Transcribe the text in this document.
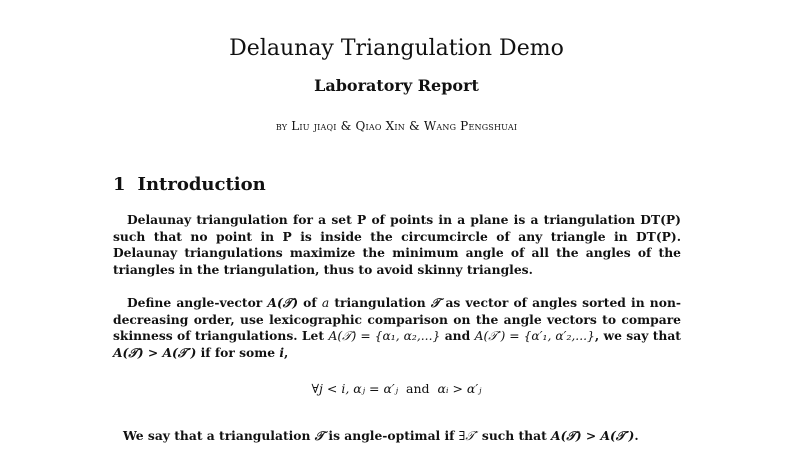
Delaunay Triangulation Demo
Laboratory Report
by Liu jiaqi & Qiao Xin & Wang Pengshuai
1 Introduction

Delaunay triangulation for a set P of points in a plane is a triangulation DT(P) such that no point in P is inside the circumcircle of any triangle in DT(P). Delaunay triangulations maximize the minimum angle of all the angles of the triangles in the triangulation, thus to avoid skinny triangles.

Define angle-vector A(𝒯) of a triangulation 𝒯 as vector of angles sorted in non-decreasing order, use lexicographic comparison on the angle vectors to compare skinness of triangulations. Let A(𝒯) = {α₁, α₂,...} and A(𝒯′) = {α′₁, α′₂,...}, we say that A(𝒯) > A(𝒯′) if for some i,

∀j < i, αⱼ = α′ⱼ and αᵢ > α′ⱼ
We say that a triangulation 𝒯 is angle-optimal if ∃𝒯′ such that A(𝒯) > A(𝒯′).
